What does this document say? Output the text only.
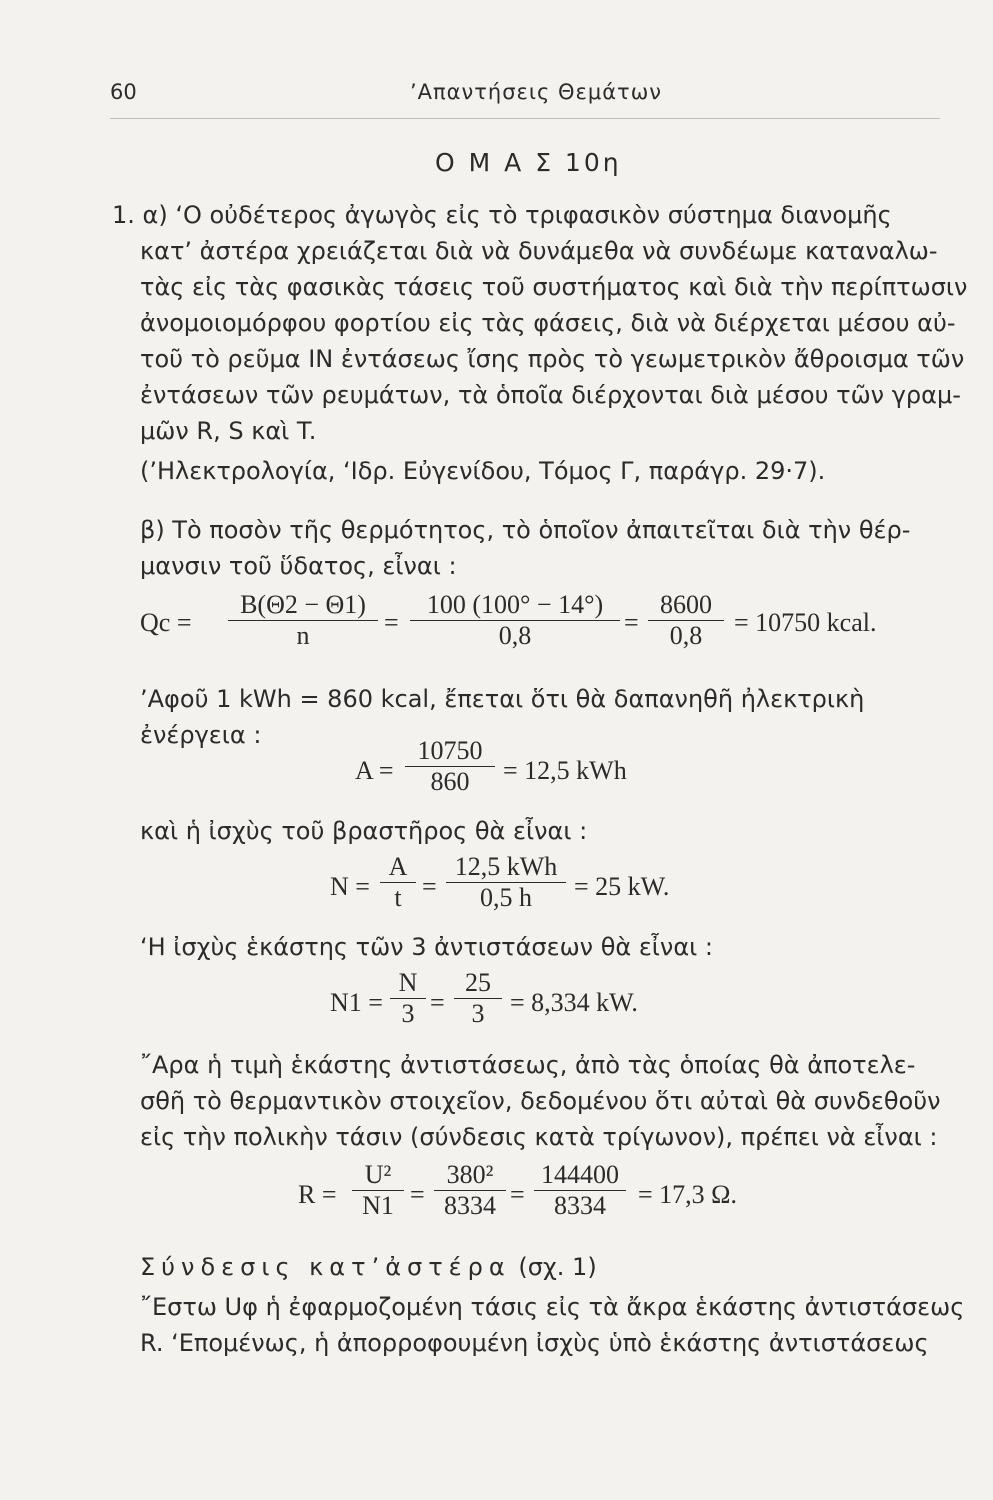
60	’Απαντήσεις Θεμάτων
Ο Μ Α Σ 10η
1. α) ‘Ο οὐδέτερος ἀγωγὸς εἰς τὸ τριφασικὸν σύστημα διανομῆς
κατ’ ἀστέρα χρειάζεται διὰ νὰ δυνάμεθα νὰ συνδέωμε καταναλω-
τὰς εἰς τὰς φασικὰς τάσεις τοῦ συστήματος καὶ διὰ τὴν περίπτωσιν
ἀνομοιομόρφου φορτίου εἰς τὰς φάσεις, διὰ νὰ διέρχεται μέσου αὐ-
τοῦ τὸ ρεῦμα IN ἐντάσεως ἴσης πρὸς τὸ γεωμετρικὸν ἄθροισμα τῶν
ἐντάσεων τῶν ρευμάτων, τὰ ὁποῖα διέρχονται διὰ μέσου τῶν γραμ-
μῶν R, S καὶ T.
(’Ηλεκτρολογία, ‘Ιδρ. Εὐγενίδου, Τόμος Γ, παράγρ. 29·7).
β) Τὸ ποσὸν τῆς θερμότητος, τὸ ὁποῖον ἀπαιτεῖται διὰ τὴν θέρ-
μανσιν τοῦ ὕδατος, εἶναι :
$Qc = \frac{B(\Theta 2 - \Theta 1)}{n} = \frac{100 (100^\circ - 14^\circ)}{0,8} = \frac{8600}{0,8} = 10750$ kcal.
’Αφοῦ 1 kWh = 860 kcal, ἔπεται ὅτι θὰ δαπανηθῆ ἠλεκτρικὴ
ἐνέργεια :
$A = \frac{10750}{860} = 12,5$ kWh
καὶ ἡ ἰσχὺς τοῦ βραστῆρος θὰ εἶναι :
$N = \frac{A}{t}$ =
12,5 kWh
0,5 h	= 25 kW.
‘Η ἰσχὺς ἑκάστης τῶν 3 ἀντιστάσεων θὰ εἶναι :
$N1 = \frac{N}{3} = \frac{25}{3} = 8,334$ kW.
῎Αρα ἡ τιμὴ ἑκάστης ἀντιστάσεως, ἀπὸ τὰς ὁποίας θὰ ἀποτελε-
σθῆ τὸ θερμαντικὸν στοιχεῖον, δεδομένου ὅτι αὐταὶ θὰ συνδεθοῦν
εἰς τὴν πολικὴν τάσιν (σύνδεσις κατὰ τρίγωνον), πρέπει νὰ εἶναι :
$R = \frac{\text{U²}}{N1} = \frac{\text{380²}}{8334} = \frac{144400}{8334} = 17,3$ Ω.
Σύνδεσις κατ’ἀστέρα (σχ. 1)
῎Εστω Uφ ἡ ἐφαρμοζομένη τάσις εἰς τὰ ἄκρα ἑκάστης ἀντιστάσεως
R. ‘Επομένως, ἡ ἀπορροφουμένη ἰσχὺς ὑπὸ ἑκάστης ἀντιστάσεως
